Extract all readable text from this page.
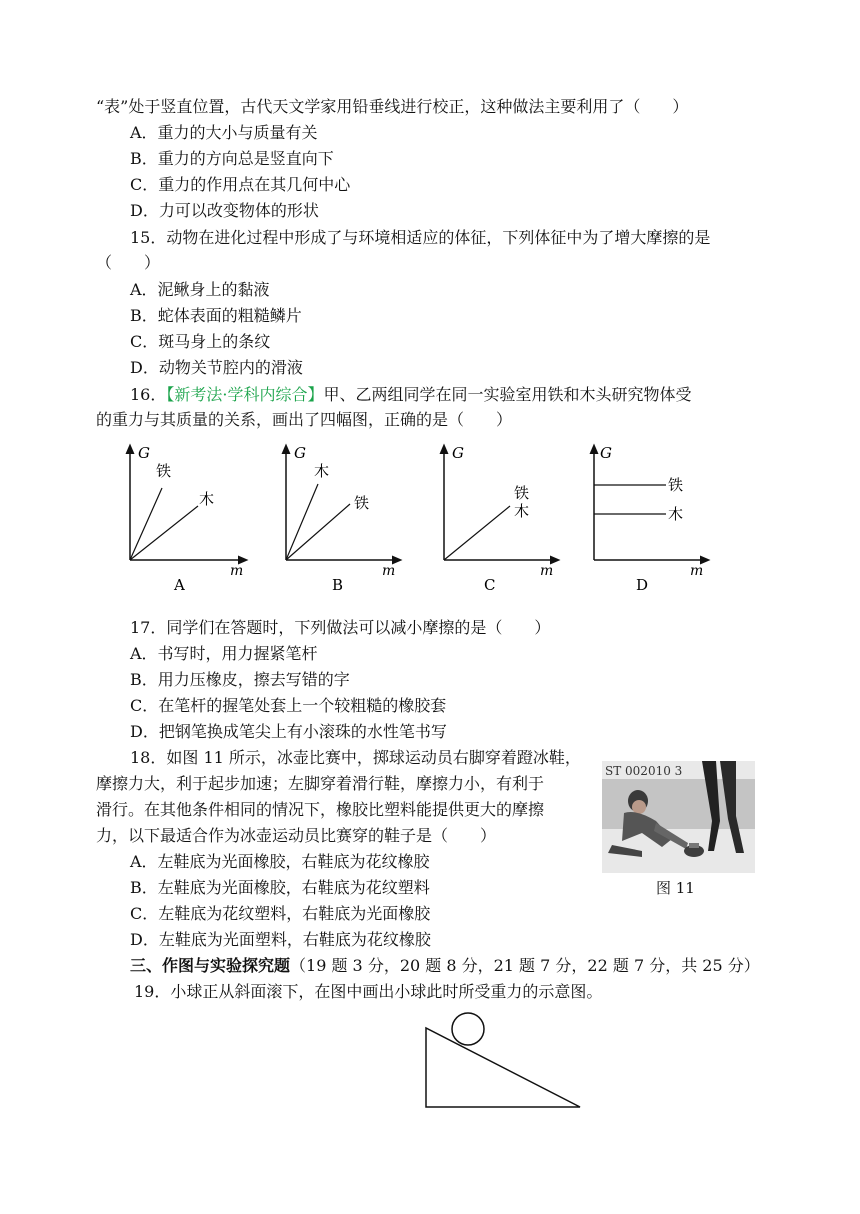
“表”处于竖直位置，古代天文学家用铅垂线进行校正，这种做法主要利用了（　　）
A．重力的大小与质量有关
B．重力的方向总是竖直向下
C．重力的作用点在其几何中心
D．力可以改变物体的形状
15．动物在进化过程中形成了与环境相适应的体征，下列体征中为了增大摩擦的是
（　　）
A．泥鳅身上的黏液
B．蛇体表面的粗糙鳞片
C．斑马身上的条纹
D．动物关节腔内的滑液
16．【新考法·学科内综合】甲、乙两组同学在同一实验室用铁和木头研究物体受
的重力与其质量的关系，画出了四幅图，正确的是（　　）
G
m
铁
木
A
G
m
木
铁
B
G
m
铁
木
C
G
m
铁
木
D
17．同学们在答题时，下列做法可以减小摩擦的是（　　）
A．书写时，用力握紧笔杆
B．用力压橡皮，擦去写错的字
C．在笔杆的握笔处套上一个较粗糙的橡胶套
D．把钢笔换成笔尖上有小滚珠的水性笔书写
18．如图 11 所示，冰壶比赛中，掷球运动员右脚穿着蹬冰鞋，
摩擦力大，利于起步加速；左脚穿着滑行鞋，摩擦力小，有利于
滑行。在其他条件相同的情况下，橡胶比塑料能提供更大的摩擦
力，以下最适合作为冰壶运动员比赛穿的鞋子是（　　）
A．左鞋底为光面橡胶，右鞋底为花纹橡胶
B．左鞋底为光面橡胶，右鞋底为花纹塑料
C．左鞋底为花纹塑料，右鞋底为光面橡胶
D．左鞋底为光面塑料，右鞋底为花纹橡胶
ST 002010 3
图 11
三、作图与实验探究题（19 题 3 分，20 题 8 分，21 题 7 分，22 题 7 分，共 25 分）
19．小球正从斜面滚下，在图中画出小球此时所受重力的示意图。
